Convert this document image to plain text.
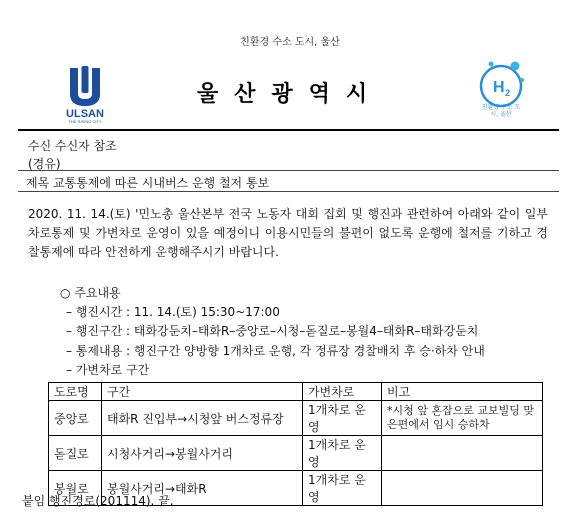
친환경 수소 도시, 울산
ULSAN
THE RISING CITY
울산광역시	H 2
친환경 수소 도시, 울산
수신 수신자 참조
(경유)
제목 교통통제에 따른 시내버스 운행 철저 통보
2020. 11. 14.(토) '민노총 울산본부 전국 노동자 대회 집회 및 행진과 관련하여 아래와 같이 일부 차로통제 및 가변차로 운영이 있을 예정이니 이용시민들의 불편이 없도록 운행에 철저를 기하고 경찰통제에 따라 안전하게 운행해주시기 바랍니다.
○ 주요내용
– 행진시간 : 11. 14.(토) 15:30~17:00
– 행진구간 : 태화강둔치–태화R–중앙로–시청–돋질로–봉월4–태화R–태화강둔치
– 통제내용 : 행진구간 양방향 1개차로 운행, 각 정류장 경찰배치 후 승·하차 안내
– 가변차로 구간
도로명	구간	가변차로	비고
중앙로	태화R 진입부→시청앞 버스정류장	1개차로 운영	*시청 앞 혼잡으로 교보빌딩 맞은편에서 임시 승하차
돋질로	시청사거리→봉월사거리	1개차로 운영	
봉월로	봉월사거리→태화R	1개차로 운영	
붙임 행진경로(201114). 끝.
